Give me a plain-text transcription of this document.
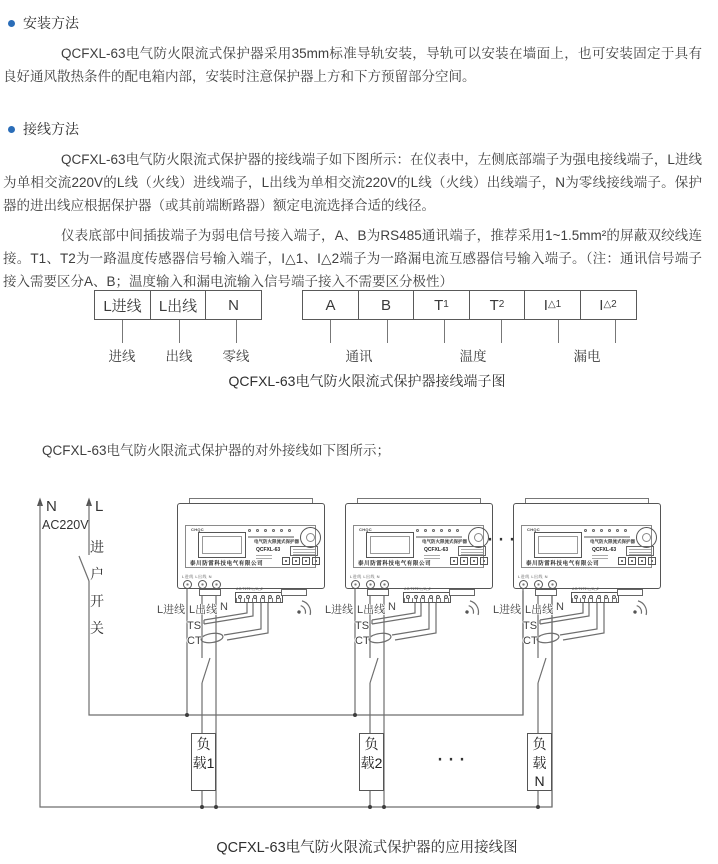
安装方法

QCFXL-63电气防火限流式保护器采用35mm标准导轨安装，导轨可以安装在墙面上，也可安装固定于具有良好通风散热条件的配电箱内部，安装时注意保护器上方和下方预留部分空间。

接线方法

QCFXL-63电气防火限流式保护器的接线端子如下图所示：在仪表中，左侧底部端子为强电接线端子，L进线为单相交流220V的L线（火线）进线端子，L出线为单相交流220V的L线（火线）出线端子，N为零线接线端子。保护器的进出线应根据保护器（或其前端断路器）额定电流选择合适的线径。

仪表底部中间插拔端子为弱电信号接入端子，A、B为RS485通讯端子，推荐采用1~1.5mm²的屏蔽双绞线连接。T1、T2为一路温度传感器信号输入端子，I△1、I△2端子为一路漏电流互感器信号输入端子。（注：通讯信号端子接入需要区分A、B；温度输入和漏电流输入信号端子接入不需要区分极性）

L进线 L出线 N	A	B	T 1	T 2	I △1	I △2
进线 出线 零线	通讯	温度	漏电
QCFXL-63电气防火限流式保护器接线端子图
QCFXL-63电气防火限流式保护器的对外接线如下图所示；
N	L
AC220V
进户开关
CHQC
电气防火限流式保护器
QCFXL-63
泰川防雷科技电气有限公司
L进线 L出线 N
A B T1T2 I△1I△2
CHQC
电气防火限流式保护器
QCFXL-63
泰川防雷科技电气有限公司
L进线 L出线 N
A B T1T2 I△1I△2
CHQC
电气防火限流式保护器
QCFXL-63
泰川防雷科技电气有限公司
L进线 L出线 N
A B T1T2 I△1I△2
L进线 L出线 N	L进线 L出线 N	L进线 L出线 N
TS
CT
TS
CT
TS
CT
负载1
负载2
负载N
···
···
QCFXL-63电气防火限流式保护器的应用接线图
